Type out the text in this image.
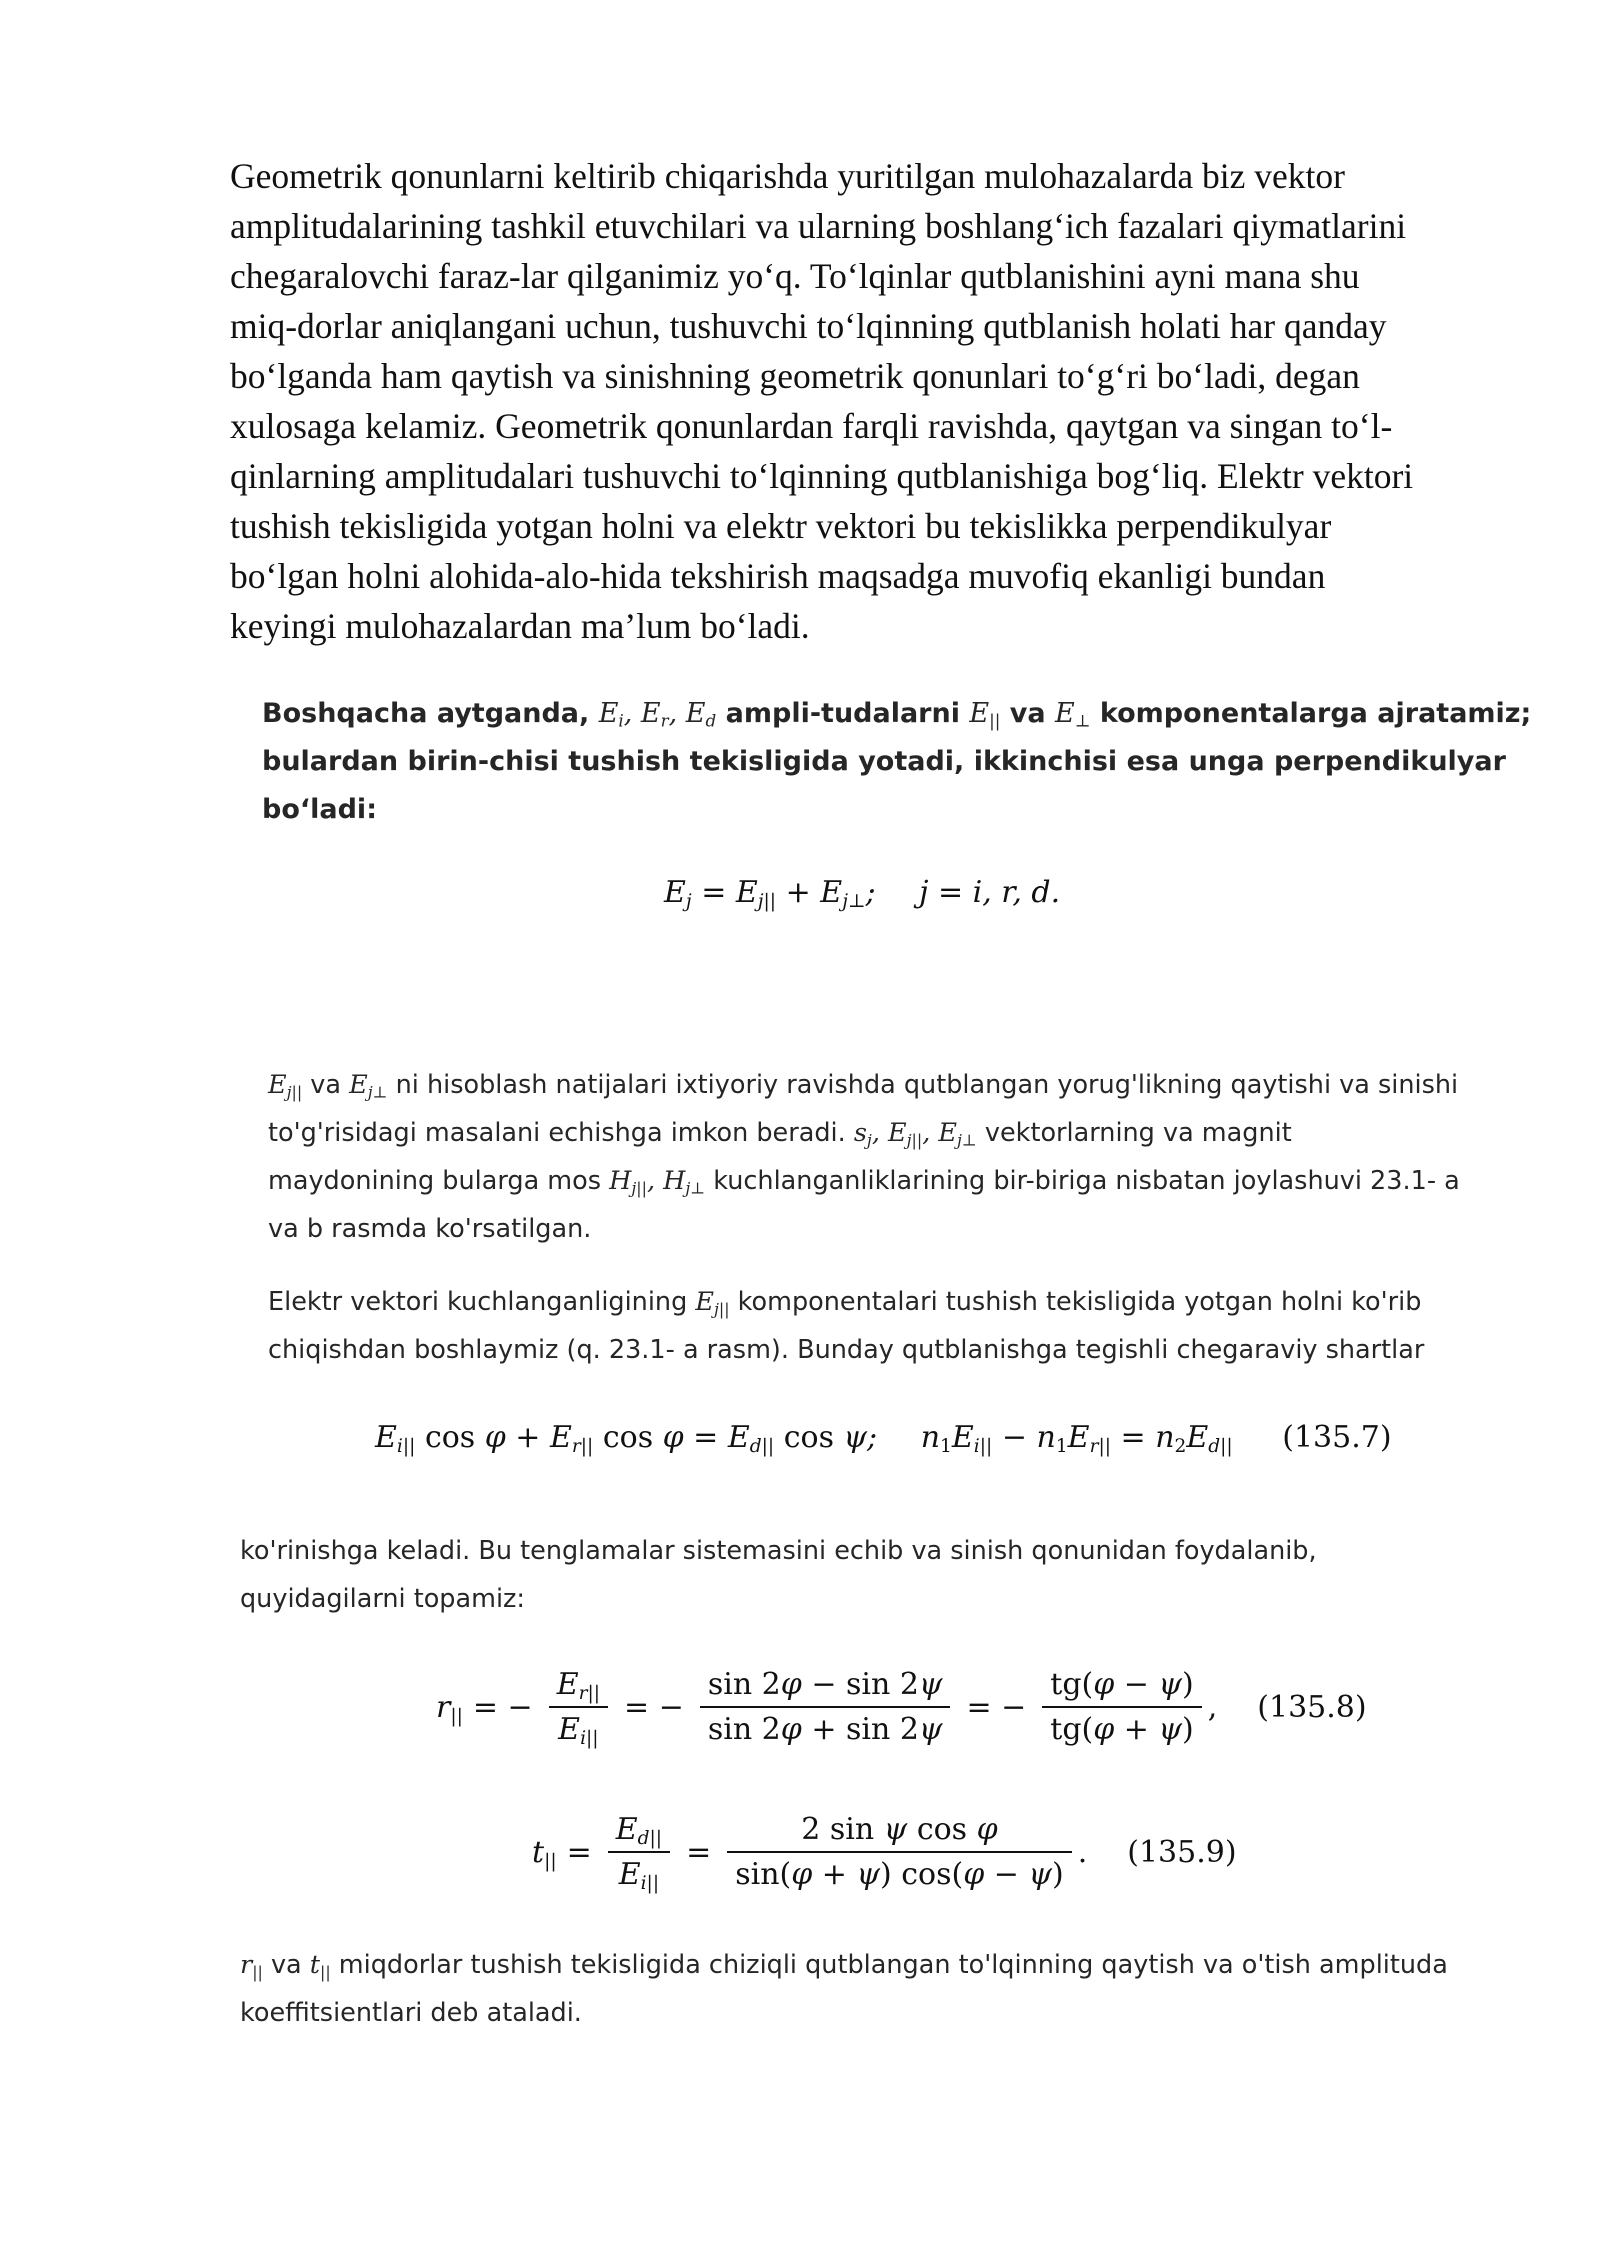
Geometrik qonunlarni keltirib chiqarishda yuritilgan mulohazalarda biz vektor
amplitudalarining tashkil etuvchilari va ularning boshlang‘ich fazalari qiymatlarini
chegaralovchi faraz-lar qilganimiz yo‘q. To‘lqinlar qutblanishini ayni mana shu
miq-dorlar aniqlangani uchun, tushuvchi to‘lqinning qutblanish holati har qanday
bo‘lganda ham qaytish va sinishning geometrik qonunlari to‘g‘ri bo‘ladi, degan
xulosaga kelamiz. Geometrik qonunlardan farqli ravishda, qaytgan va singan to‘l-
qinlarning amplitudalari tushuvchi to‘lqinning qutblanishiga bog‘liq. Elektr vektori
tushish tekisligida yotgan holni va elektr vektori bu tekislikka perpendikulyar
bo‘lgan holni alohida-alo-hida tekshirish maqsadga muvofiq ekanligi bundan
keyingi mulohazalardan ma’lum bo‘ladi.
Boshqacha aytganda, $E_i$, $E_r$, $E_d$ ampli-tudalarni $E_{||}$ va $E_\perp$ komponentalarga ajratamiz;
bulardan birin-chisi tushish tekisligida yotadi, ikkinchisi esa unga perpendikulyar
bo‘ladi:
$E_j = E_{j||} + E_{j\perp}$; j = i, r, d.
$E_{j||}$ va $E_{j\perp}$ ni hisoblash natijalari ixtiyoriy ravishda qutblangan yorug'likning qaytishi va sinishi
to'g'risidagi masalani echishga imkon beradi. $s_j$, $E_{j||}$, $E_{j\perp}$ vektorlarning va magnit
maydonining bularga mos $H_{j||}$, $H_{j\perp}$ kuchlanganliklarining bir-biriga nisbatan joylashuvi 23.1- a
va b rasmda ko'rsatilgan.
Elektr vektori kuchlanganligining $E_{j||}$ komponentalari tushish tekisligida yotgan holni ko'rib
chiqishdan boshlaymiz (q. 23.1- a rasm). Bunday qutblanishga tegishli chegaraviy shartlar
$E_{i||}$ $\cos \varphi + E_{r||}$ $\cos \varphi = E_{d||}$ cos ψ; $n_1E_{i||} - n_1E_{r||} = n_2E_{d||}$ (135.7)
ko'rinishga keladi. Bu tenglamalar sistemasini echib va sinish qonunidan foydalanib,
quyidagilarni topamiz:
$r_{||}$ = − $\frac{E_{r||}}{E_{i||}}$ = − $\frac{\sin 2\varphi - \sin 2\psi}{\sin 2\varphi + \sin 2\psi}$ = − $\frac{tg(\varphi - \psi)}{tg(\varphi + \psi)}$ , (135.8)
$t_{||} = \frac{E_{d||}}{E_{i||}} = \frac{\text{2 sin ψ cos φ}}{\sin(\varphi + \psi) \cos(\varphi - \psi)}$ . (135.9)
$r_{||}$ va $t_{||}$ miqdorlar tushish tekisligida chiziqli qutblangan to'lqinning qaytish va o'tish amplituda
koeffitsientlari deb ataladi.
